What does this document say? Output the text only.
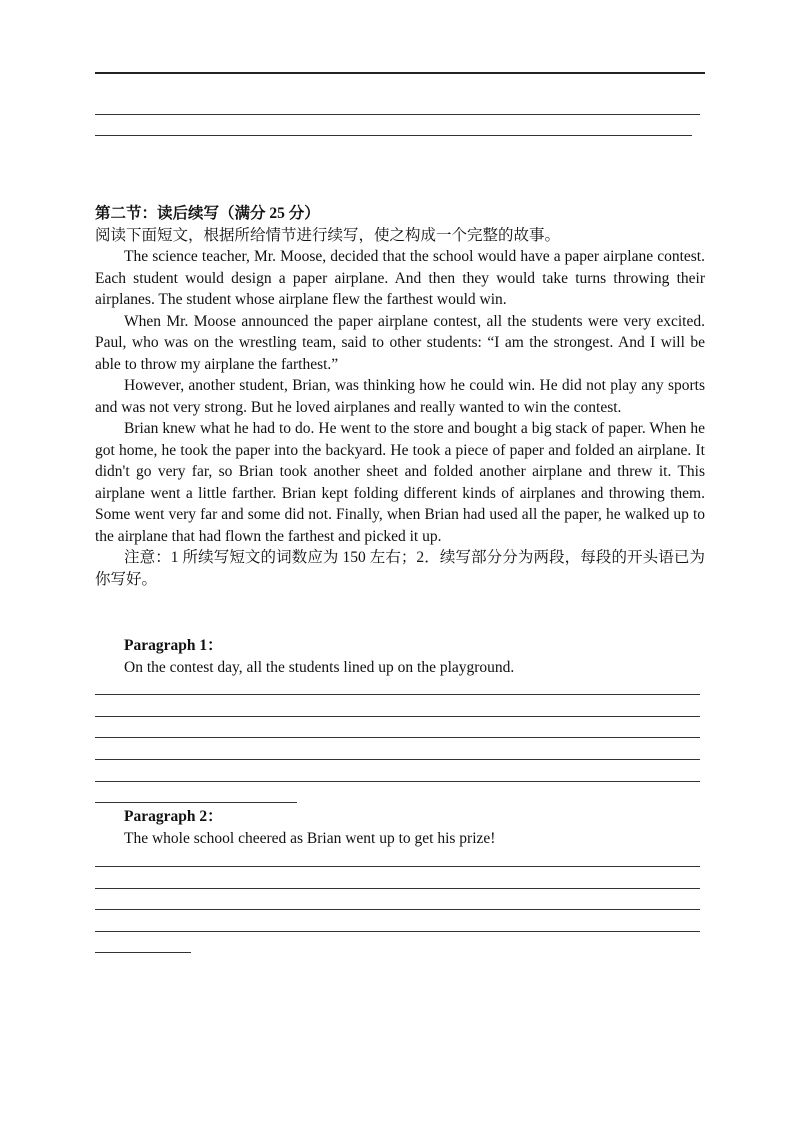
第二节：读后续写（满分 25 分）

阅读下面短文，根据所给情节进行续写，使之构成一个完整的故事。

The science teacher, Mr. Moose, decided that the school would have a paper airplane contest. Each student would design a paper airplane. And then they would take turns throwing their airplanes. The student whose airplane flew the farthest would win.

When Mr. Moose announced the paper airplane contest, all the students were very excited. Paul, who was on the wrestling team, said to other students: “I am the strongest. And I will be able to throw my airplane the farthest.”

However, another student, Brian, was thinking how he could win. He did not play any sports and was not very strong. But he loved airplanes and really wanted to win the contest.

Brian knew what he had to do. He went to the store and bought a big stack of paper. When he got home, he took the paper into the backyard. He took a piece of paper and folded an airplane. It didn't go very far, so Brian took another sheet and folded another airplane and threw it. This airplane went a little farther. Brian kept folding different kinds of airplanes and throwing them. Some went very far and some did not. Finally, when Brian had used all the paper, he walked up to the airplane that had flown the farthest and picked it up.

注意：1 所续写短文的词数应为 150 左右；2．续写部分分为两段，每段的开头语已为你写好。

Paragraph 1：

On the contest day, all the students lined up on the playground.

Paragraph 2：

The whole school cheered as Brian went up to get his prize!
